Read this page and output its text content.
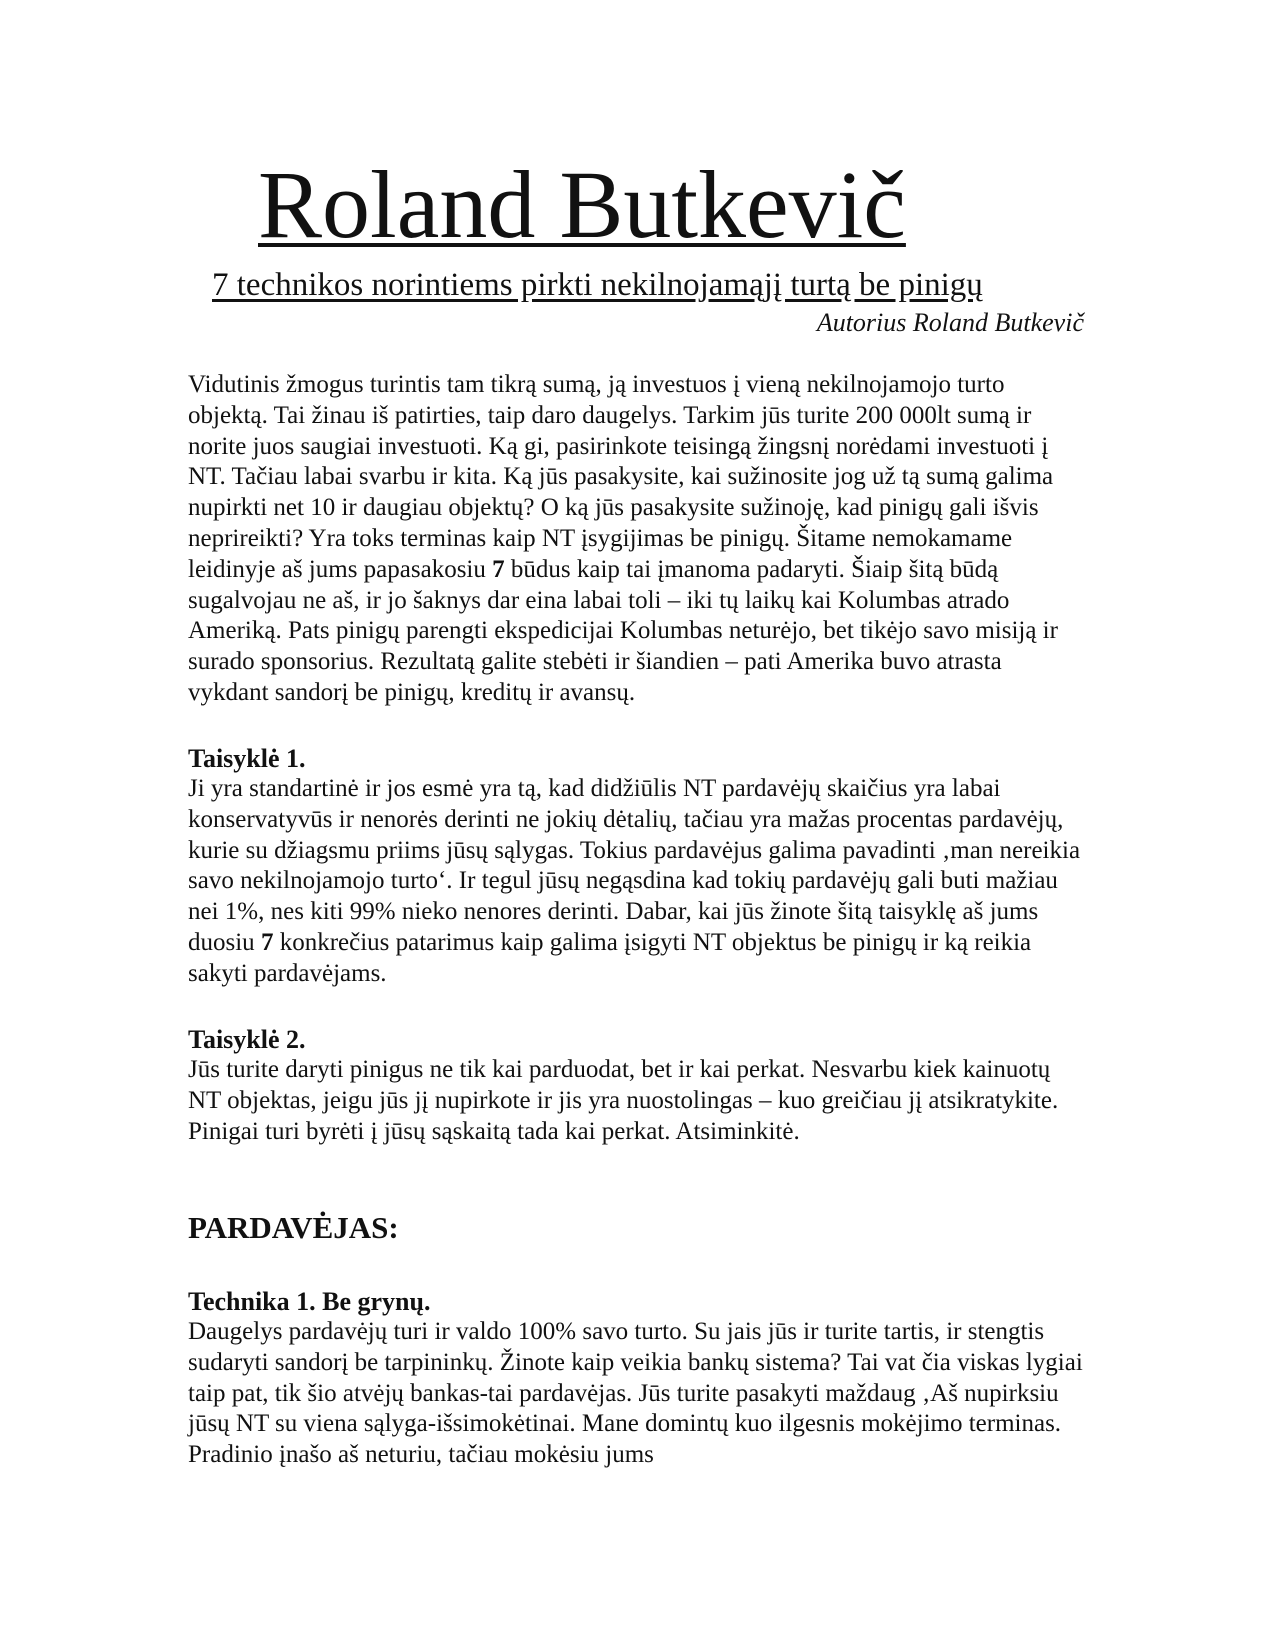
Roland Butkevič
7 technikos norintiems pirkti nekilnojamąjį turtą be pinigų
Autorius Roland Butkevič

Vidutinis žmogus turintis tam tikrą sumą, ją investuos į vieną nekilnojamojo turto objektą. Tai žinau iš patirties, taip daro daugelys. Tarkim jūs turite 200 000lt sumą ir norite juos saugiai investuoti. Ką gi, pasirinkote teisingą žingsnį norėdami investuoti į NT. Tačiau labai svarbu ir kita. Ką jūs pasakysite, kai sužinosite jog už tą sumą galima nupirkti net 10 ir daugiau objektų? O ką jūs pasakysite sužinoję, kad pinigų gali išvis neprireikti? Yra toks terminas kaip NT įsygijimas be pinigų. Šitame nemokamame leidinyje aš jums papasakosiu 7 būdus kaip tai įmanoma padaryti. Šiaip šitą būdą sugalvojau ne aš, ir jo šaknys dar eina labai toli – iki tų laikų kai Kolumbas atrado Ameriką. Pats pinigų parengti ekspedicijai Kolumbas neturėjo, bet tikėjo savo misiją ir surado sponsorius. Rezultatą galite stebėti ir šiandien – pati Amerika buvo atrasta vykdant sandorį be pinigų, kreditų ir avansų.

Taisyklė 1.

Ji yra standartinė ir jos esmė yra tą, kad didžiūlis NT pardavėjų skaičius yra labai konservatyvūs ir nenorės derinti ne jokių dėtalių, tačiau yra mažas procentas pardavėjų, kurie su džiagsmu priims jūsų sąlygas. Tokius pardavėjus galima pavadinti ‚man nereikia savo nekilnojamojo turto‘. Ir tegul jūsų negąsdina kad tokių pardavėjų gali buti mažiau nei 1%, nes kiti 99% nieko nenores derinti. Dabar, kai jūs žinote šitą taisyklę aš jums duosiu 7 konkrečius patarimus kaip galima įsigyti NT objektus be pinigų ir ką reikia sakyti pardavėjams.

Taisyklė 2.

Jūs turite daryti pinigus ne tik kai parduodat, bet ir kai perkat. Nesvarbu kiek kainuotų NT objektas, jeigu jūs jį nupirkote ir jis yra nuostolingas – kuo greičiau jį atsikratykite. Pinigai turi byrėti į jūsų sąskaitą tada kai perkat. Atsiminkitė.

PARDAVĖJAS:
Technika 1. Be grynų.

Daugelys pardavėjų turi ir valdo 100% savo turto. Su jais jūs ir turite tartis, ir stengtis sudaryti sandorį be tarpininkų. Žinote kaip veikia bankų sistema? Tai vat čia viskas lygiai taip pat, tik šio atvėjų bankas-tai pardavėjas. Jūs turite pasakyti maždaug ‚Aš nupirksiu jūsų NT su viena sąlyga-išsimokėtinai. Mane domintų kuo ilgesnis mokėjimo terminas. Pradinio įnašo aš neturiu, tačiau mokėsiu jums
